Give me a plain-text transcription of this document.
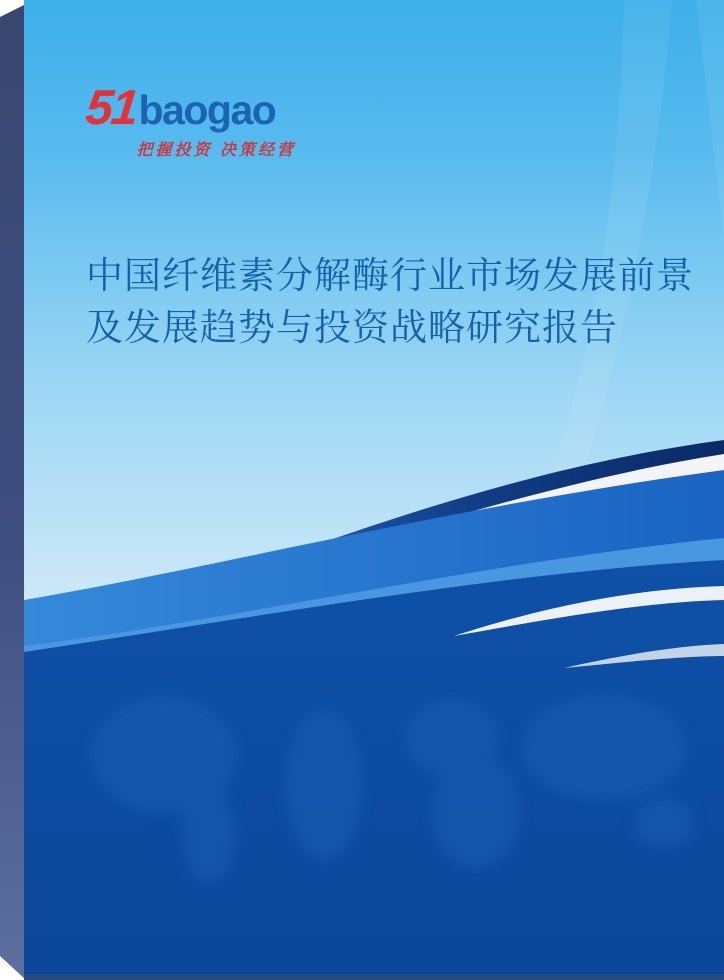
51 baogao
把握投资 决策经营
中国纤维素分解酶行业市场发展前景
及发展趋势与投资战略研究报告
